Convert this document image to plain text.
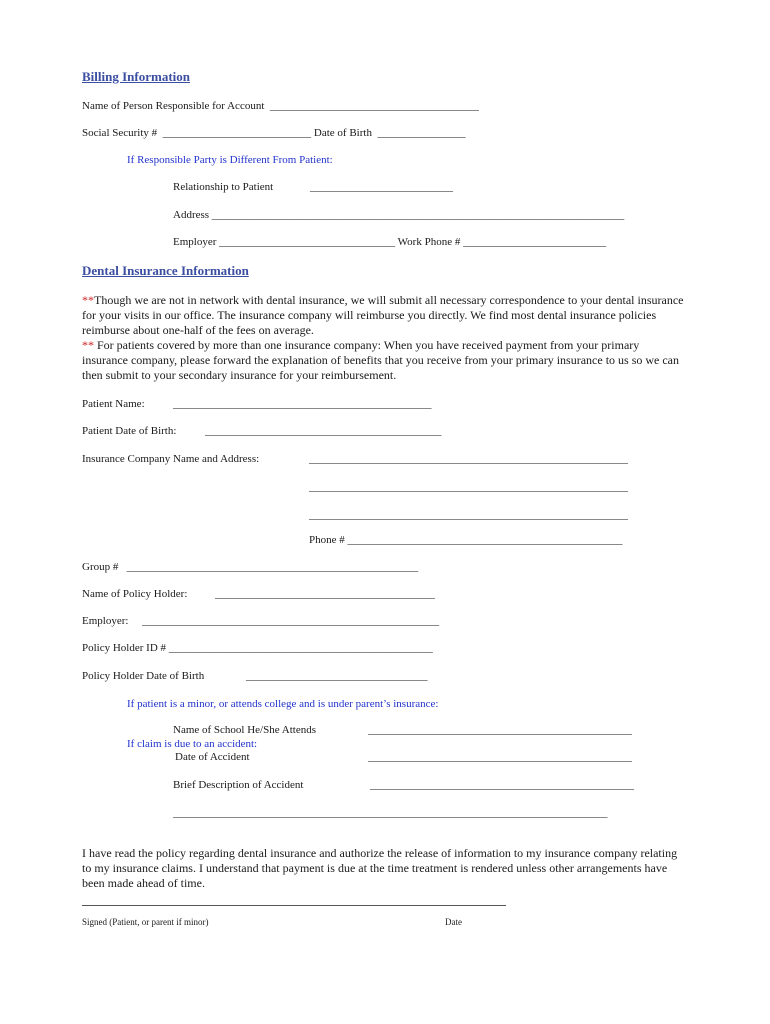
Billing Information
Name of Person Responsible for Account  ______________________________________
Social Security #  ___________________________ Date of Birth  ________________
If Responsible Party is Different From Patient:
Relationship to Patient	__________________________
Address ___________________________________________________________________________
Employer ________________________________ Work Phone # __________________________
Dental Insurance Information
**Though we are not in network with dental insurance, we will submit all necessary correspondence to your dental insurance for your visits in our office. The insurance company will reimburse you directly. We find most dental insurance policies reimburse about one-half of the fees on average.
** For patients covered by more than one insurance company: When you have received payment from your primary insurance company, please forward the explanation of benefits that you receive from your primary insurance to us so we can then submit to your secondary insurance for your reimbursement.
Patient Name:	_______________________________________________
Patient Date of Birth:	___________________________________________
Insurance Company Name and Address:	__________________________________________________________
__________________________________________________________
__________________________________________________________
Phone # __________________________________________________
Group #   _____________________________________________________
Name of Policy Holder:	________________________________________
Employer:     ______________________________________________________
Policy Holder ID # ________________________________________________
Policy Holder Date of Birth	_________________________________
If patient is a minor, or attends college and is under parent’s insurance:
Name of School He/She Attends	________________________________________________
If claim is due to an accident:
Date of Accident	________________________________________________
Brief Description of Accident	________________________________________________
_______________________________________________________________________________
I have read the policy regarding dental insurance and authorize the release of information to my insurance company relating to my insurance claims. I understand that payment is due at the time treatment is rendered unless other arrangements have been made ahead of time.
Signed (Patient, or parent if minor)	Date
